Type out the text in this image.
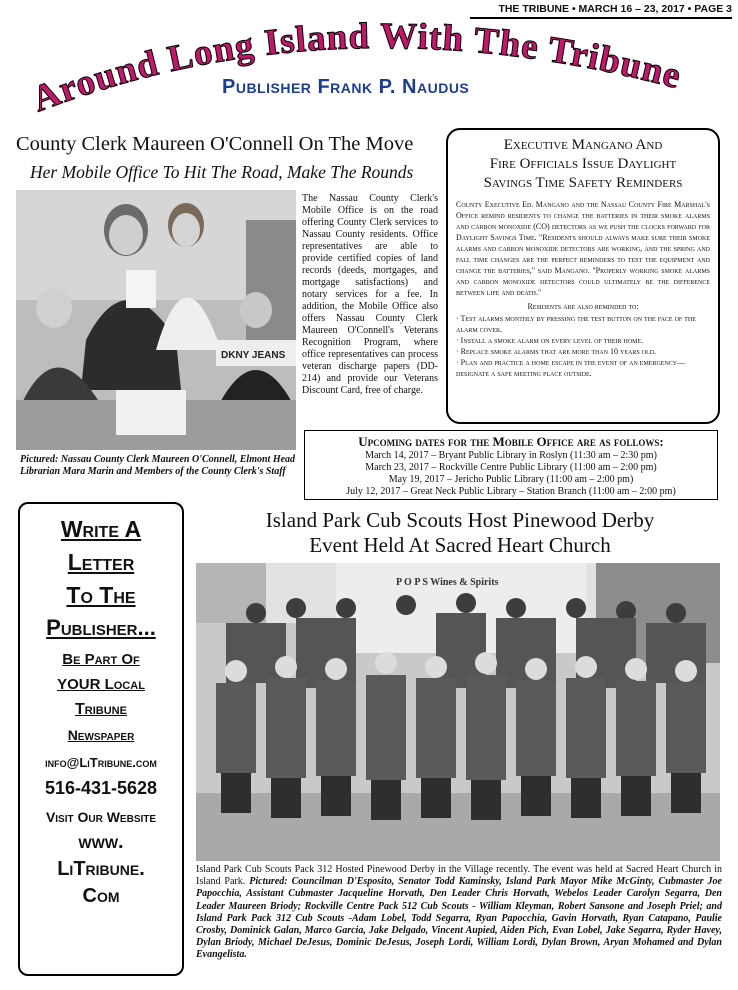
THE TRIBUNE • MARCH 16 – 23, 2017 • PAGE 3
Around Long Island With The Tribune
Publisher Frank P. Naudus
County Clerk Maureen O'Connell On The Move
Her Mobile Office To Hit The Road, Make The Rounds
DKNY JEANS
Pictured: Nassau County Clerk Maureen O'Connell, Elmont Head Librarian Mara Marin and Members of the County Clerk's Staff
The Nassau County Clerk's Mobile Office is on the road offering County Clerk services to Nassau County residents. Office representatives are able to provide certified copies of land records (deeds, mortgages, and mortgage satisfactions) and notary services for a fee. In addition, the Mobile Office also offers Nassau County Clerk Maureen O'Connell's Veterans Recognition Program, where office representatives can process veteran discharge papers (DD-214) and provide our Veterans Discount Card, free of charge.
Executive Mangano And
Fire Officials Issue Daylight
Savings Time Safety Reminders
County Executive Ed. Mangano and the Nassau County Fire Marshal's Office remind residents to change the batteries in their smoke alarms and carbon monoxide (CO) detectors as we push the clocks forward for Daylight Savings Time. "Residents should always make sure their smoke alarms and carbon monoxide detectors are working, and the spring and fall time changes are the perfect reminders to test the equipment and change the batteries," said Mangano. "Properly working smoke alarms and carbon monoxide detectors could ultimately be the difference between life and death."
Residents are also reminded to:
· Test alarms monthly by pressing the test button on the face of the alarm cover.
· Install a smoke alarm on every level of their home.
· Replace smoke alarms that are more than 10 years old.
· Plan and practice a home escape in the event of an emergency—designate a safe meeting place outside.
Upcoming dates for the Mobile Office are as follows:
March 14, 2017 – Bryant Public Library in Roslyn (11:30 am – 2:30 pm)
March 23, 2017 – Rockville Centre Public Library (11:00 am – 2:00 pm)
May 19, 2017 – Jericho Public Library (11:00 am – 2:00 pm)
July 12, 2017 – Great Neck Public Library – Station Branch (11:00 am – 2:00 pm)
Write A
Letter
To The
Publisher...
Be Part Of
YOUR Local
Tribune
Newspaper
info@LiTribune.com
516-431-5628
Visit Our Website
www.
LiTribune.
Com
Island Park Cub Scouts Host Pinewood Derby
Event Held At Sacred Heart Church
P O P S Wines & Spirits
Island Park Cub Scouts Pack 312 Hosted Pinewood Derby in the Village recently. The event was held at Sacred Heart Church in Island Park. Pictured: Councilman D'Esposito, Senator Todd Kaminsky, Island Park Mayor Mike McGinty, Cubmaster Joe Papocchia, Assistant Cubmaster Jacqueline Horvath, Den Leader Chris Horvath, Webelos Leader Carolyn Segarra, Den Leader Maureen Briody; Rockville Centre Pack 512 Cub Scouts - William Kleyman, Robert Sansone and Joseph Priel; and Island Park Pack 312 Cub Scouts -Adam Lobel, Todd Segarra, Ryan Papocchia, Gavin Horvath, Ryan Catapano, Paulie Crosby, Dominick Galan, Marco Garcia, Jake Delgado, Vincent Aupied, Aiden Pich, Evan Lobel, Jake Segarra, Ryder Havey, Dylan Briody, Michael DeJesus, Dominic DeJesus, Joseph Lordi, William Lordi, Dylan Brown, Aryan Mohamed and Dylan Evangelista.
